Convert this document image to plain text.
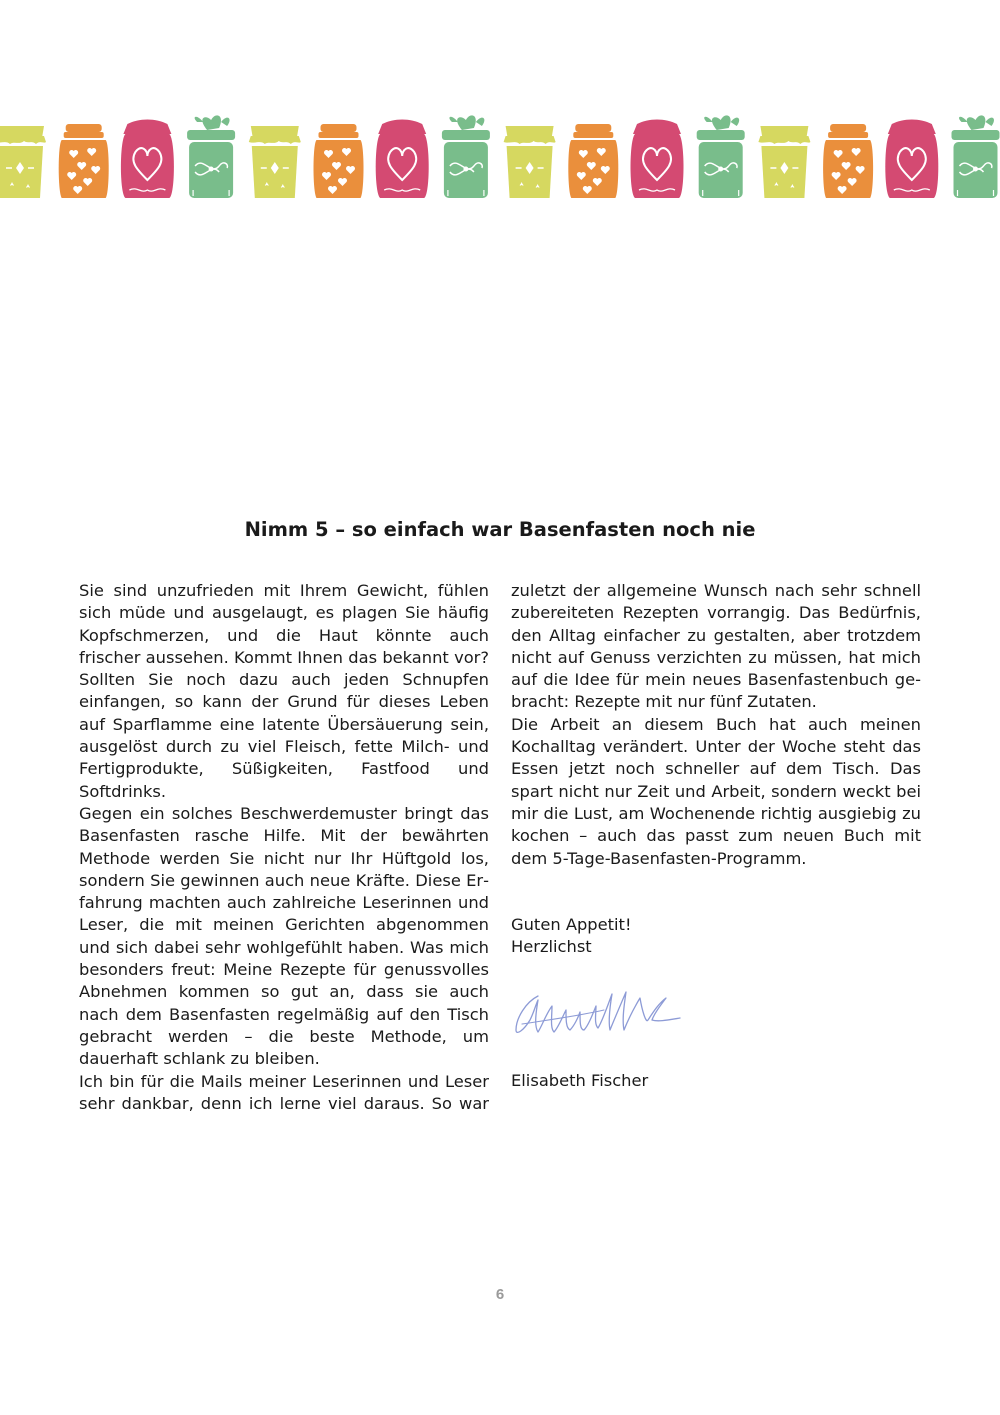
Nimm 5 – so einfach war Basenfasten noch nie

Sie sind unzufrieden mit Ihrem Gewicht, fühlen sich müde und ausgelaugt, es plagen Sie häufig Kopfschmerzen, und die Haut könnte auch frischer aussehen. Kommt Ihnen das bekannt vor? Sollten Sie noch dazu auch jeden Schnupfen einfangen, so kann der Grund für dieses Leben auf Sparflamme eine latente Übersäuerung sein, ausgelöst durch zu viel Fleisch, fette Milch- und Fertigprodukte, Süßigkeiten, Fastfood und Softdrinks.

Gegen ein solches Beschwerdemuster bringt das Basenfasten rasche Hilfe. Mit der bewährten Methode werden Sie nicht nur Ihr Hüftgold los, sondern Sie gewinnen auch neue Kräfte. Diese Erfahrung machten auch zahlreiche Leserinnen und Leser, die mit meinen Gerichten abgenommen und sich dabei sehr wohlgefühlt haben. Was mich besonders freut: Meine Rezepte für genussvolles Abnehmen kommen so gut an, dass sie auch nach dem Basenfasten regelmäßig auf den Tisch gebracht werden – die beste Methode, um dauerhaft schlank zu bleiben.

Ich bin für die Mails meiner Leserinnen und Leser sehr dankbar, denn ich lerne viel daraus. So war

zuletzt der allgemeine Wunsch nach sehr schnell zubereiteten Rezepten vorrangig. Das Bedürfnis, den Alltag einfacher zu gestalten, aber trotzdem nicht auf Genuss verzichten zu müssen, hat mich auf die Idee für mein neues Basenfastenbuch gebracht: Rezepte mit nur fünf Zutaten.

Die Arbeit an diesem Buch hat auch meinen Kochalltag verändert. Unter der Woche steht das Essen jetzt noch schneller auf dem Tisch. Das spart nicht nur Zeit und Arbeit, sondern weckt bei mir die Lust, am Wochenende richtig ausgiebig zu kochen – auch das passt zum neuen Buch mit dem 5-Tage-Basenfasten-Programm.

Guten Appetit!
Herzlichst
Elisabeth Fischer
6
